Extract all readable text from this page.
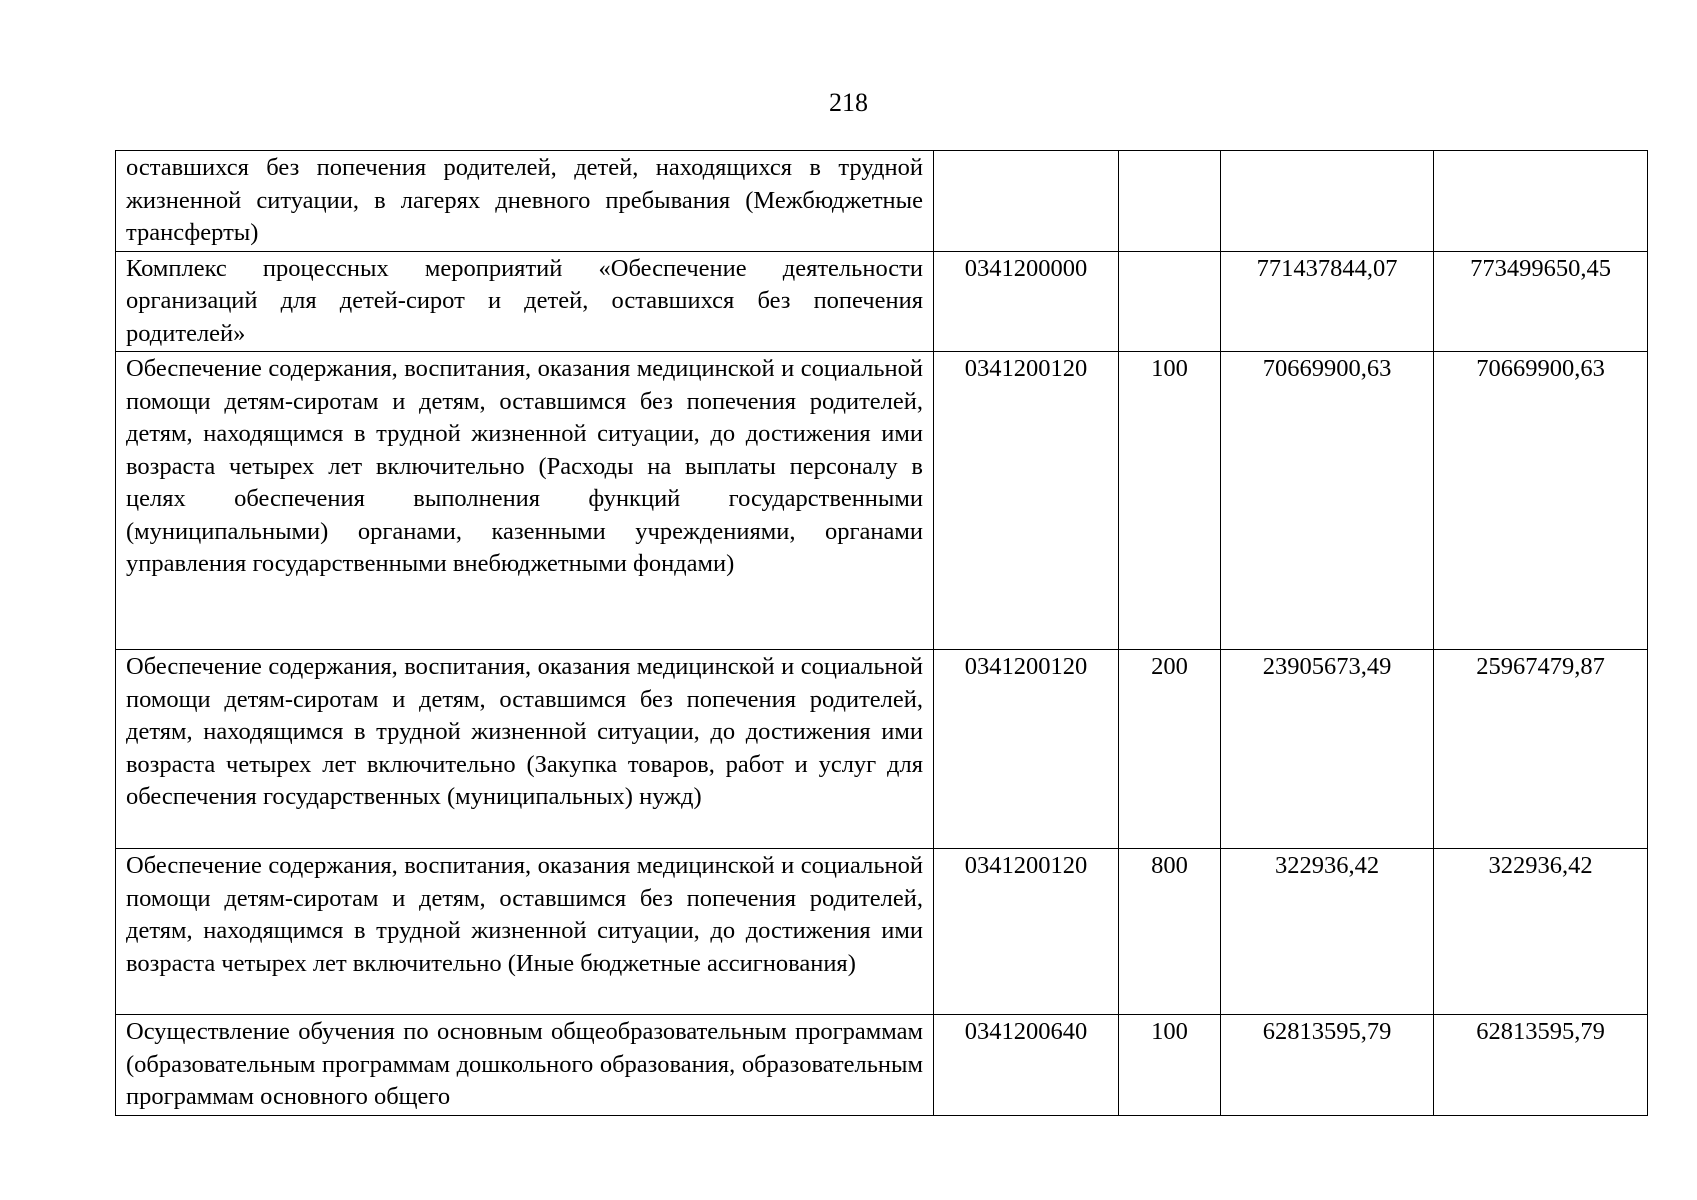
218
оставшихся без попечения родителей, детей, находящихся в трудной жизненной ситуации, в лагерях дневного пребывания (Межбюджетные трансферты)				
Комплекс процессных мероприятий «Обеспечение деятельности организаций для детей-сирот и детей, оставшихся без попечения родителей»	0341200000		771437844,07	773499650,45
Обеспечение содержания, воспитания, оказания медицинской и социальной помощи детям-сиротам и детям, оставшимся без попечения родителей, детям, находящимся в трудной жизненной ситуации, до достижения ими возраста четырех лет включительно (Расходы на выплаты персоналу в целях обеспечения выполнения функций государственными (муниципальными) органами, казенными учреждениями, органами управления государственными внебюджетными фондами)	0341200120	100	70669900,63	70669900,63
Обеспечение содержания, воспитания, оказания медицинской и социальной помощи детям-сиротам и детям, оставшимся без попечения родителей, детям, находящимся в трудной жизненной ситуации, до достижения ими возраста четырех лет включительно (Закупка товаров, работ и услуг для обеспечения государственных (муниципальных) нужд)	0341200120	200	23905673,49	25967479,87
Обеспечение содержания, воспитания, оказания медицинской и социальной помощи детям-сиротам и детям, оставшимся без попечения родителей, детям, находящимся в трудной жизненной ситуации, до достижения ими возраста четырех лет включительно (Иные бюджетные ассигнования)	0341200120	800	322936,42	322936,42
Осуществление обучения по основным общеобразовательным программам (образовательным программам дошкольного образования, образовательным программам основного общего	0341200640	100	62813595,79	62813595,79
